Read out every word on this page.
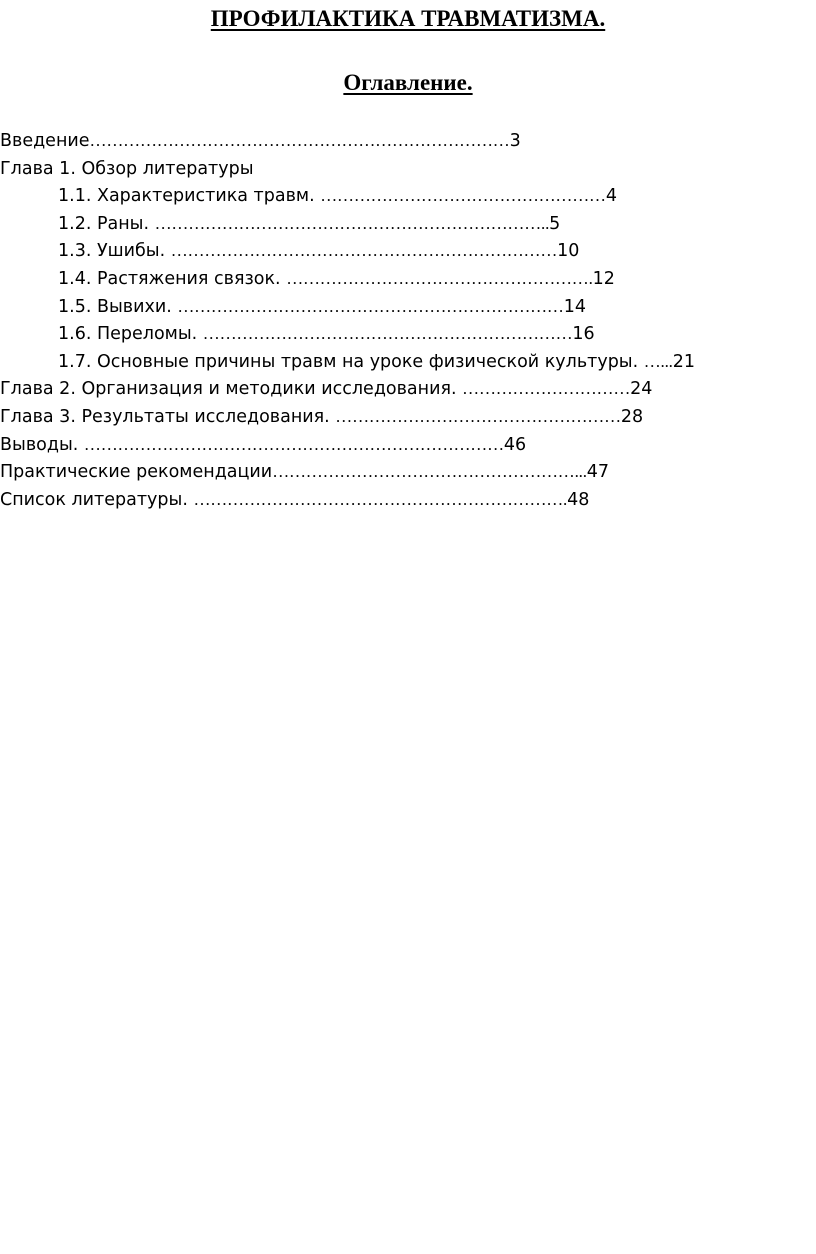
ПРОФИЛАКТИКА ТРАВМАТИЗМА.
Оглавление.
Введение…………………………………………………………………3
Глава 1. Обзор литературы
1.1. Характеристика травм. ……………………………………………4
1.2. Раны. ……………………………………………………………..5
1.3. Ушибы. ……………………………………………………………10
1.4. Растяжения связок. ……………………………………………….12
1.5. Вывихи. ……………………………………………………………14
1.6. Переломы. …………………………………………………………16
1.7. Основные причины травм на уроке физической культуры. …...21
Глава 2. Организация и методики исследования. …………………………24
Глава 3. Результаты исследования. ……………………………………………28
Выводы. …………………………………………………………………46
Практические рекомендации………………………………………………...47
Список литературы. ………………………………………………………….48
